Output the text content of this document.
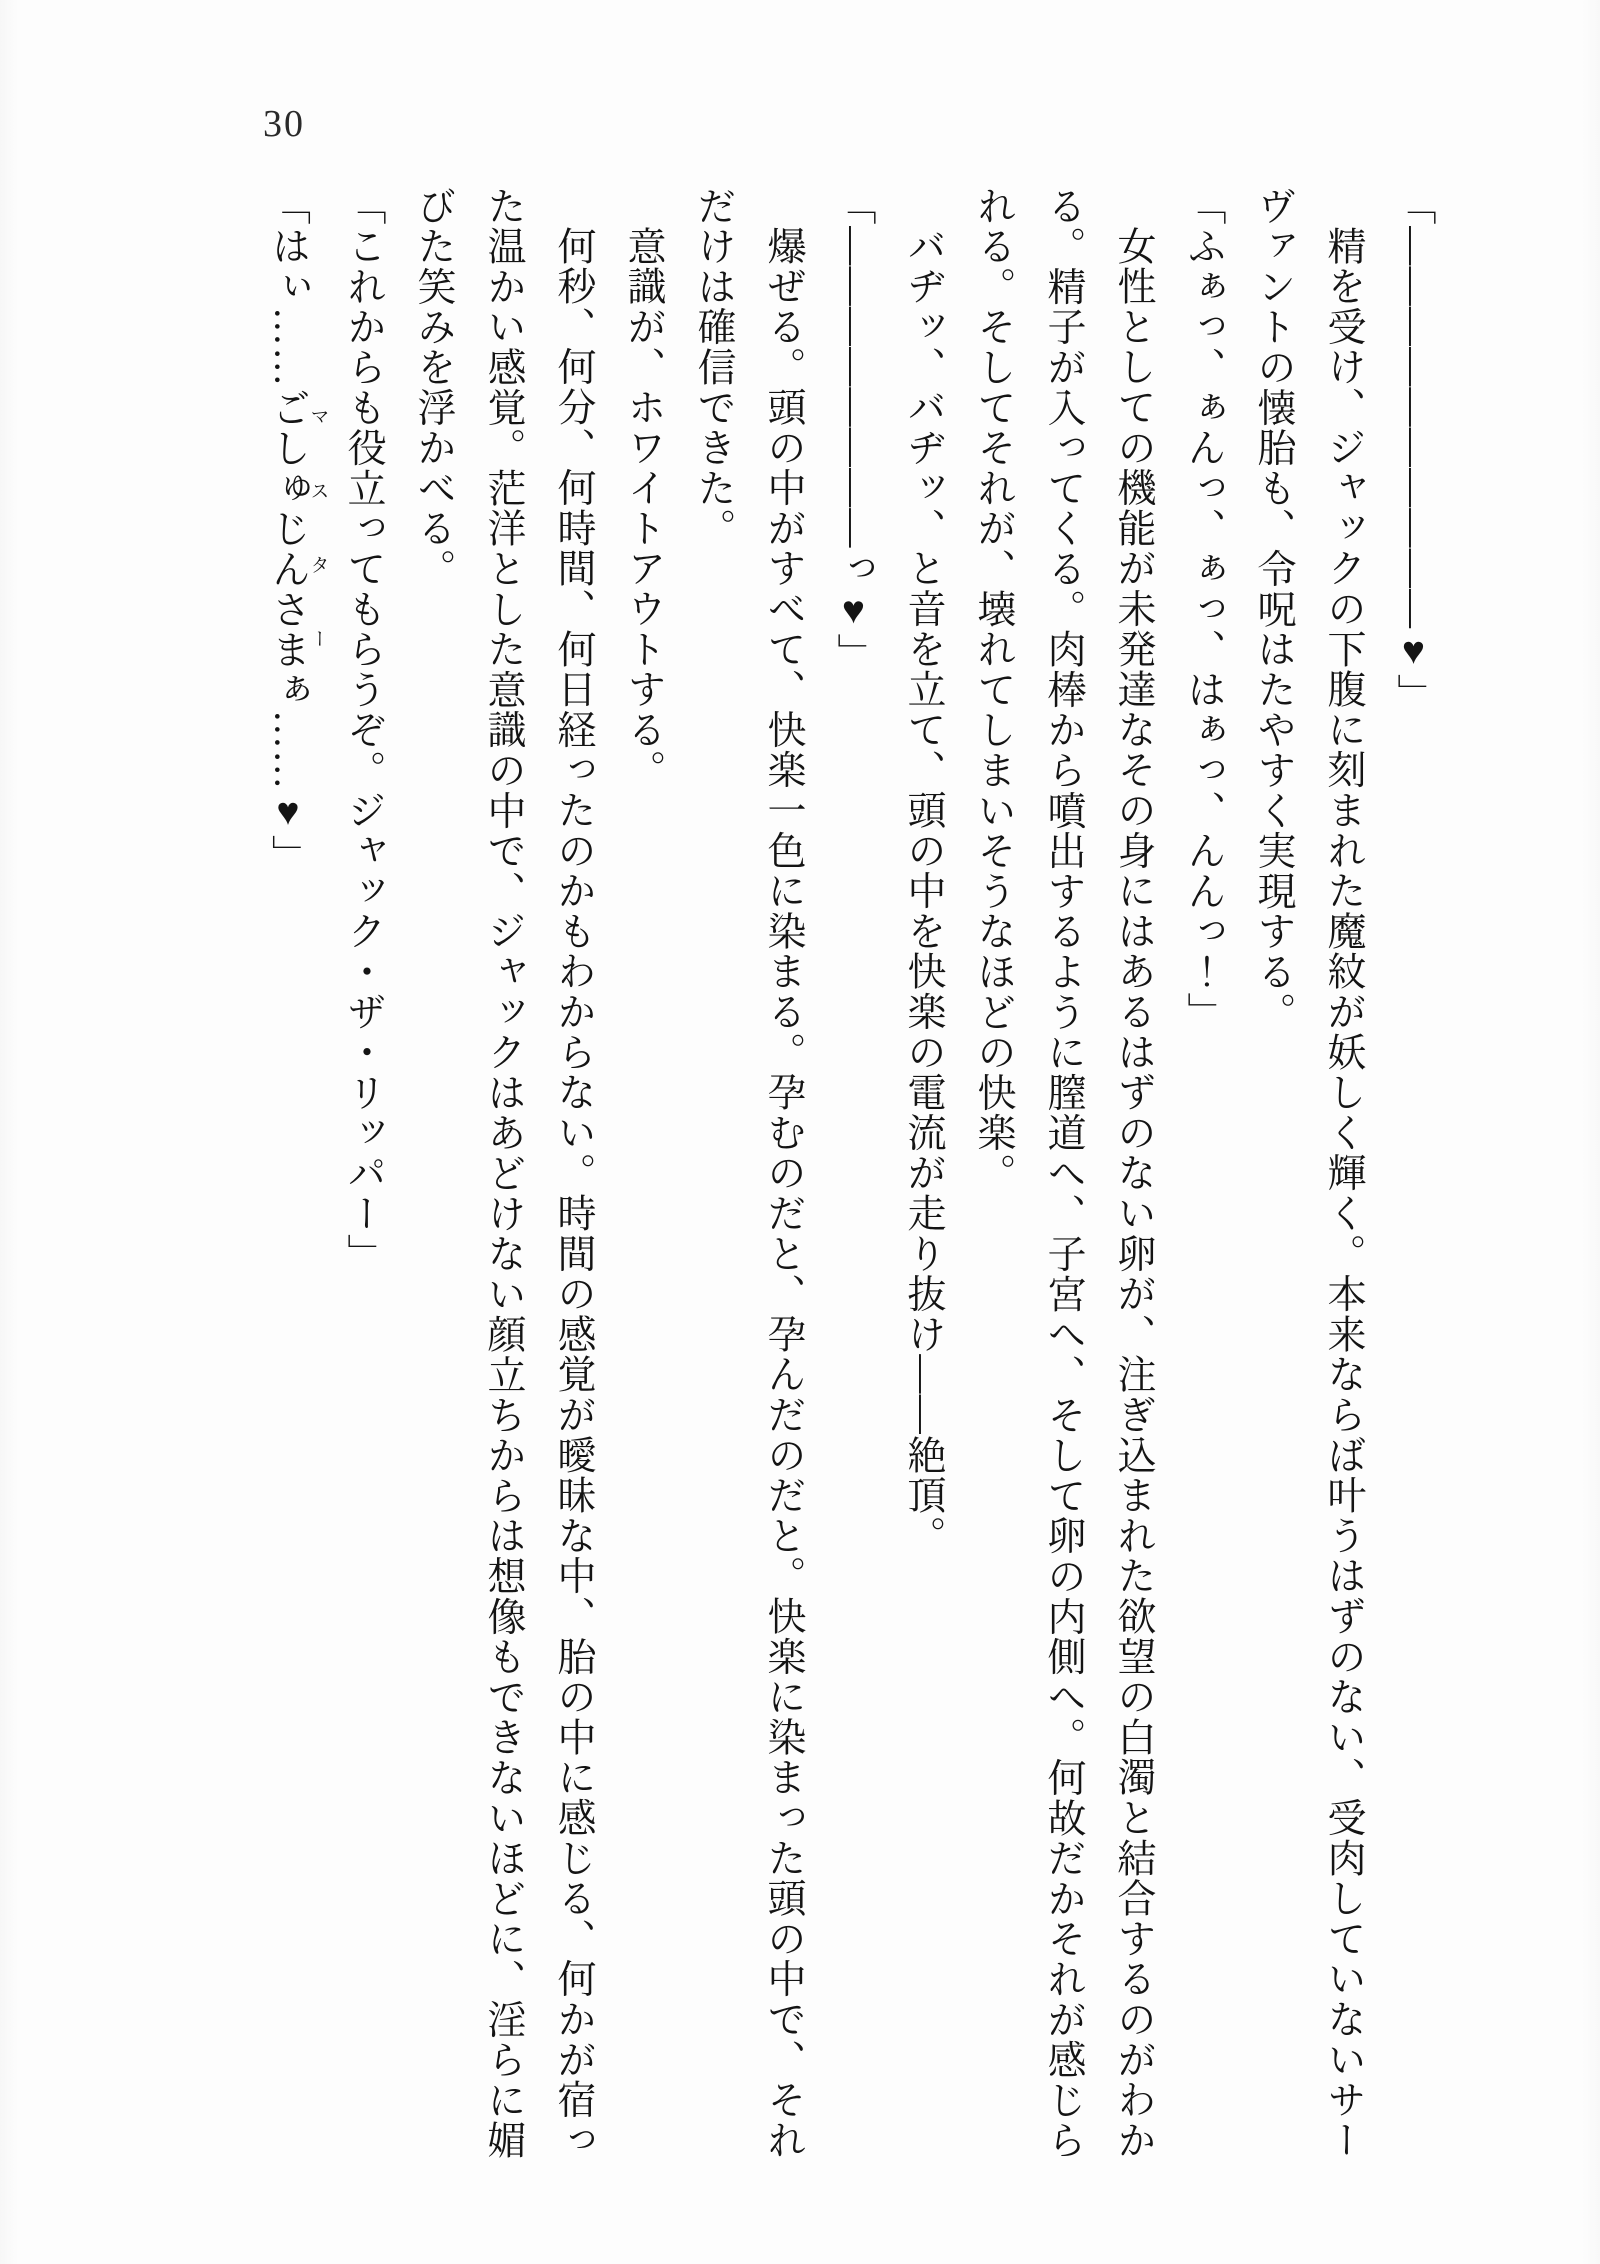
30

「――――――――――♥」

精を受け、ジャックの下腹に刻まれた魔紋が妖しく輝く。本来ならば叶うはずのない、受肉していないサー

ヴァントの懐胎も、令呪はたやすく実現する。

「ふぁっ、ぁんっ、ぁっ、はぁっ、んんっ！」

女性としての機能が未発達なその身にはあるはずのない卵が、注ぎ込まれた欲望の白濁と結合するのがわか

る。精子が入ってくる。肉棒から噴出するように膣道へ、子宮へ、そして卵の内側へ。何故だかそれが感じら

れる。そしてそれが、壊れてしまいそうなほどの快楽。

バヂッ、バヂッ、と音を立て、頭の中を快楽の電流が走り抜け――絶頂。

「――――――――っ♥」

爆ぜる。頭の中がすべて、快楽一色に染まる。孕むのだと、孕んだのだと。快楽に染まった頭の中で、それ

だけは確信できた。

意識が、ホワイトアウトする。

何秒、何分、何時間、何日経ったのかもわからない。時間の感覚が曖昧な中、胎の中に感じる、何かが宿っ

た温かい感覚。茫洋とした意識の中で、ジャックはあどけない顔立ちからは想像もできないほどに、淫らに媚

びた笑みを浮かべる。

「これからも役立ってもらうぞ。ジャック・ザ・リッパー」

「はぃ……ごしゅじんさまマスターぁ……♥」
